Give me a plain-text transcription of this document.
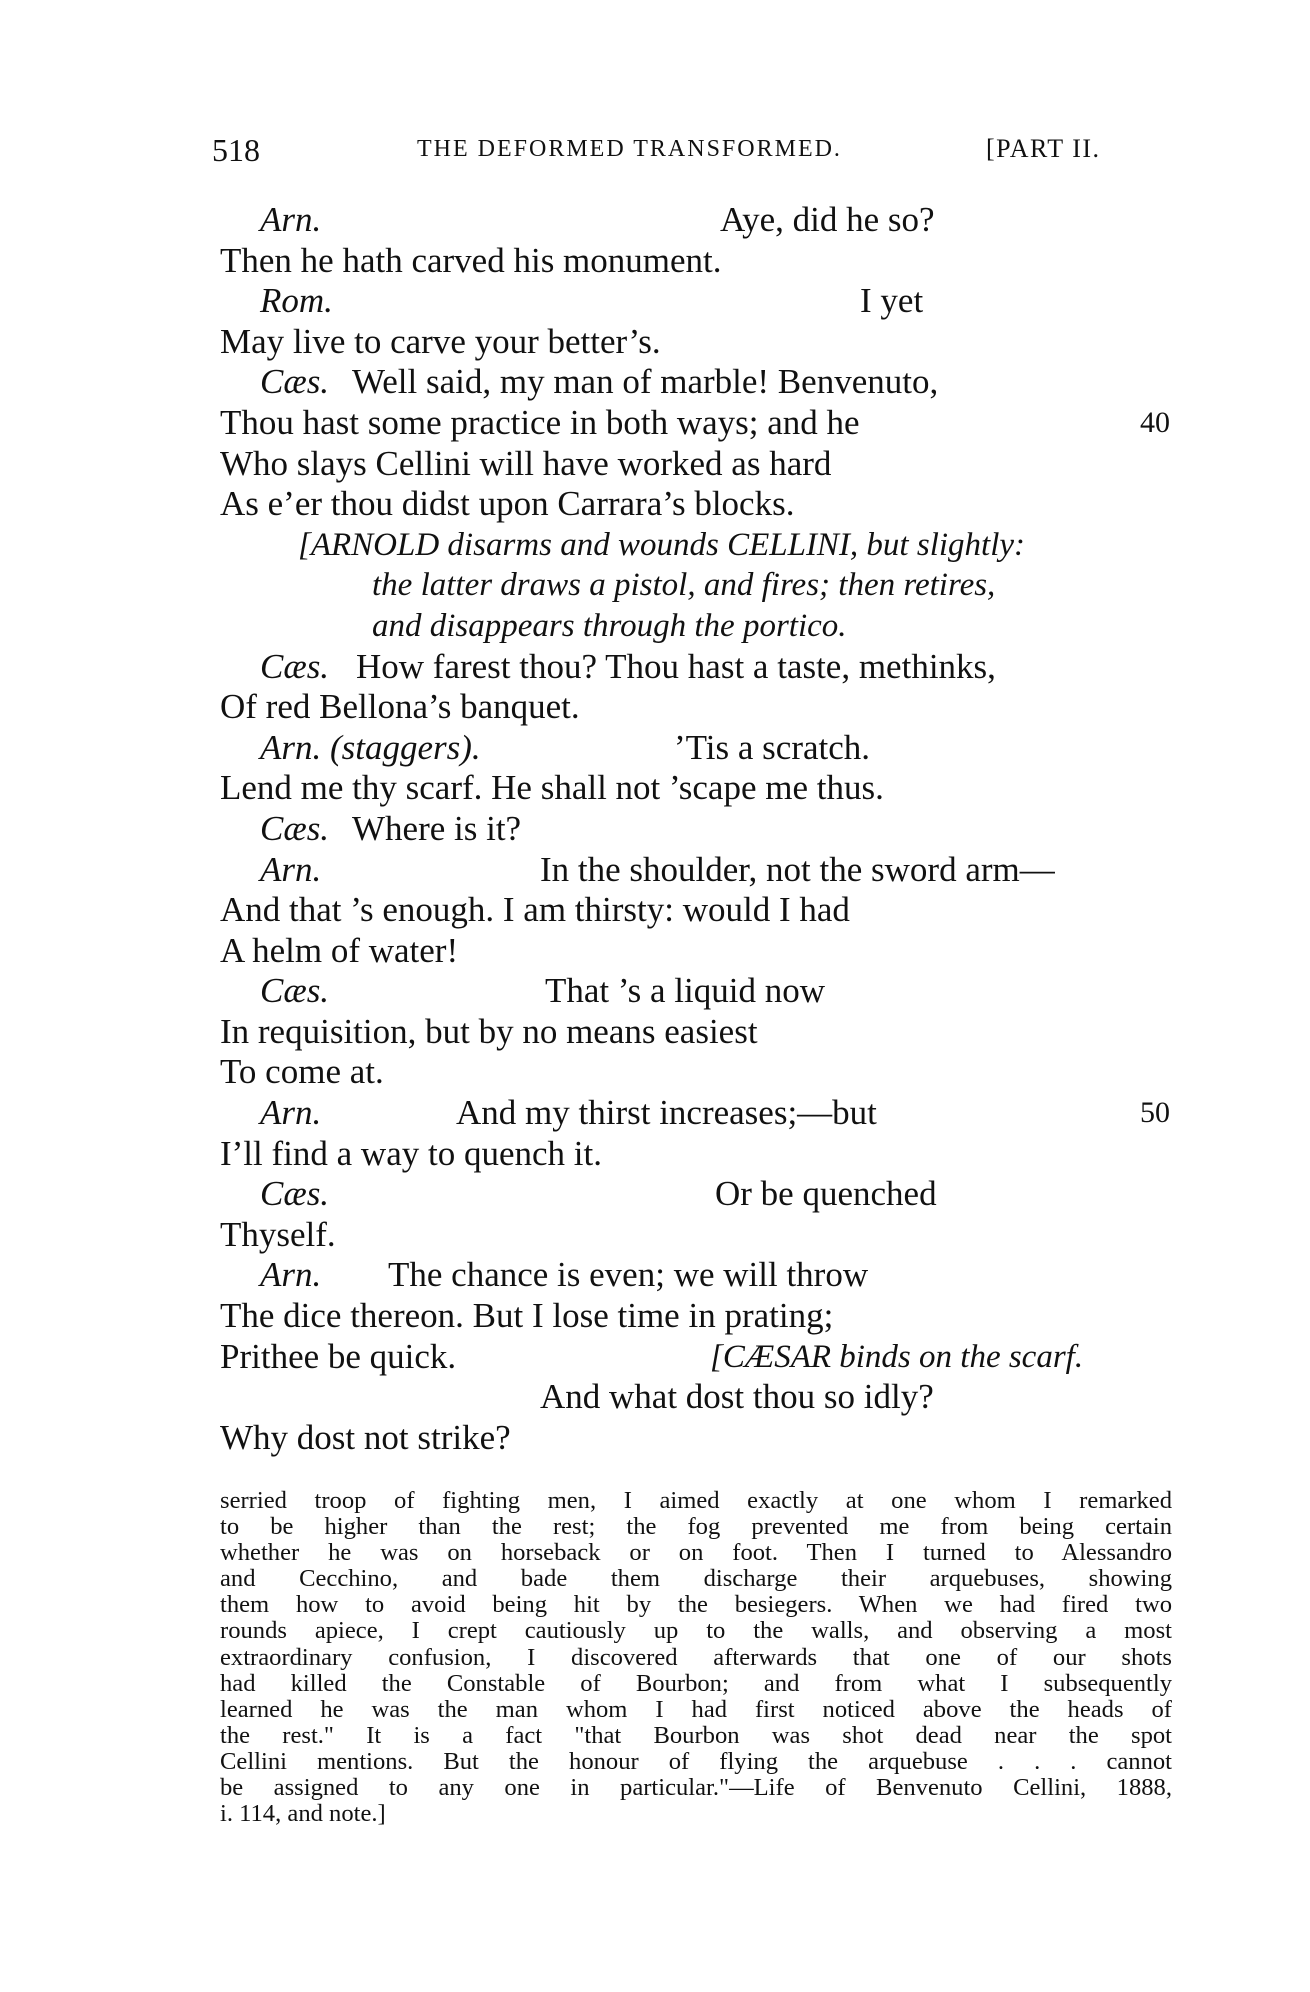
518	THE DEFORMED TRANSFORMED.	[PART II.
Arn.	Aye, did he so?
Then he hath carved his monument.
Rom.	I yet
May live to carve your better’s.
Cæs. Well said, my man of marble! Benvenuto,
Thou hast some practice in both ways; and he	40
Who slays Cellini will have worked as hard
As e’er thou didst upon Carrara’s blocks.
[ARNOLD disarms and wounds CELLINI, but slightly:
the latter draws a pistol, and fires; then retires,
and disappears through the portico.
Cæs. How farest thou? Thou hast a taste, methinks,
Of red Bellona’s banquet.
Arn. (staggers).	’Tis a scratch.
Lend me thy scarf. He shall not ’scape me thus.
Cæs. Where is it?
Arn.	In the shoulder, not the sword arm—
And that ’s enough. I am thirsty: would I had
A helm of water!
Cæs.	That ’s a liquid now
In requisition, but by no means easiest
To come at.
Arn.	And my thirst increases;—but	50
I’ll find a way to quench it.
Cæs.	Or be quenched
Thyself.
Arn. The chance is even; we will throw
The dice thereon. But I lose time in prating;
Prithee be quick.	[CÆSAR binds on the scarf.
And what dost thou so idly?
Why dost not strike?
serried troop of fighting men, I aimed exactly at one whom I remarked
to be higher than the rest; the fog prevented me from being certain
whether he was on horseback or on foot. Then I turned to Alessandro
and Cecchino, and bade them discharge their arquebuses, showing
them how to avoid being hit by the besiegers. When we had fired two
rounds apiece, I crept cautiously up to the walls, and observing a most
extraordinary confusion, I discovered afterwards that one of our shots
had killed the Constable of Bourbon; and from what I subsequently
learned he was the man whom I had first noticed above the heads of
the rest." It is a fact "that Bourbon was shot dead near the spot
Cellini mentions. But the honour of flying the arquebuse . . . cannot
be assigned to any one in particular."—Life of Benvenuto Cellini, 1888,
i. 114, and note.]
